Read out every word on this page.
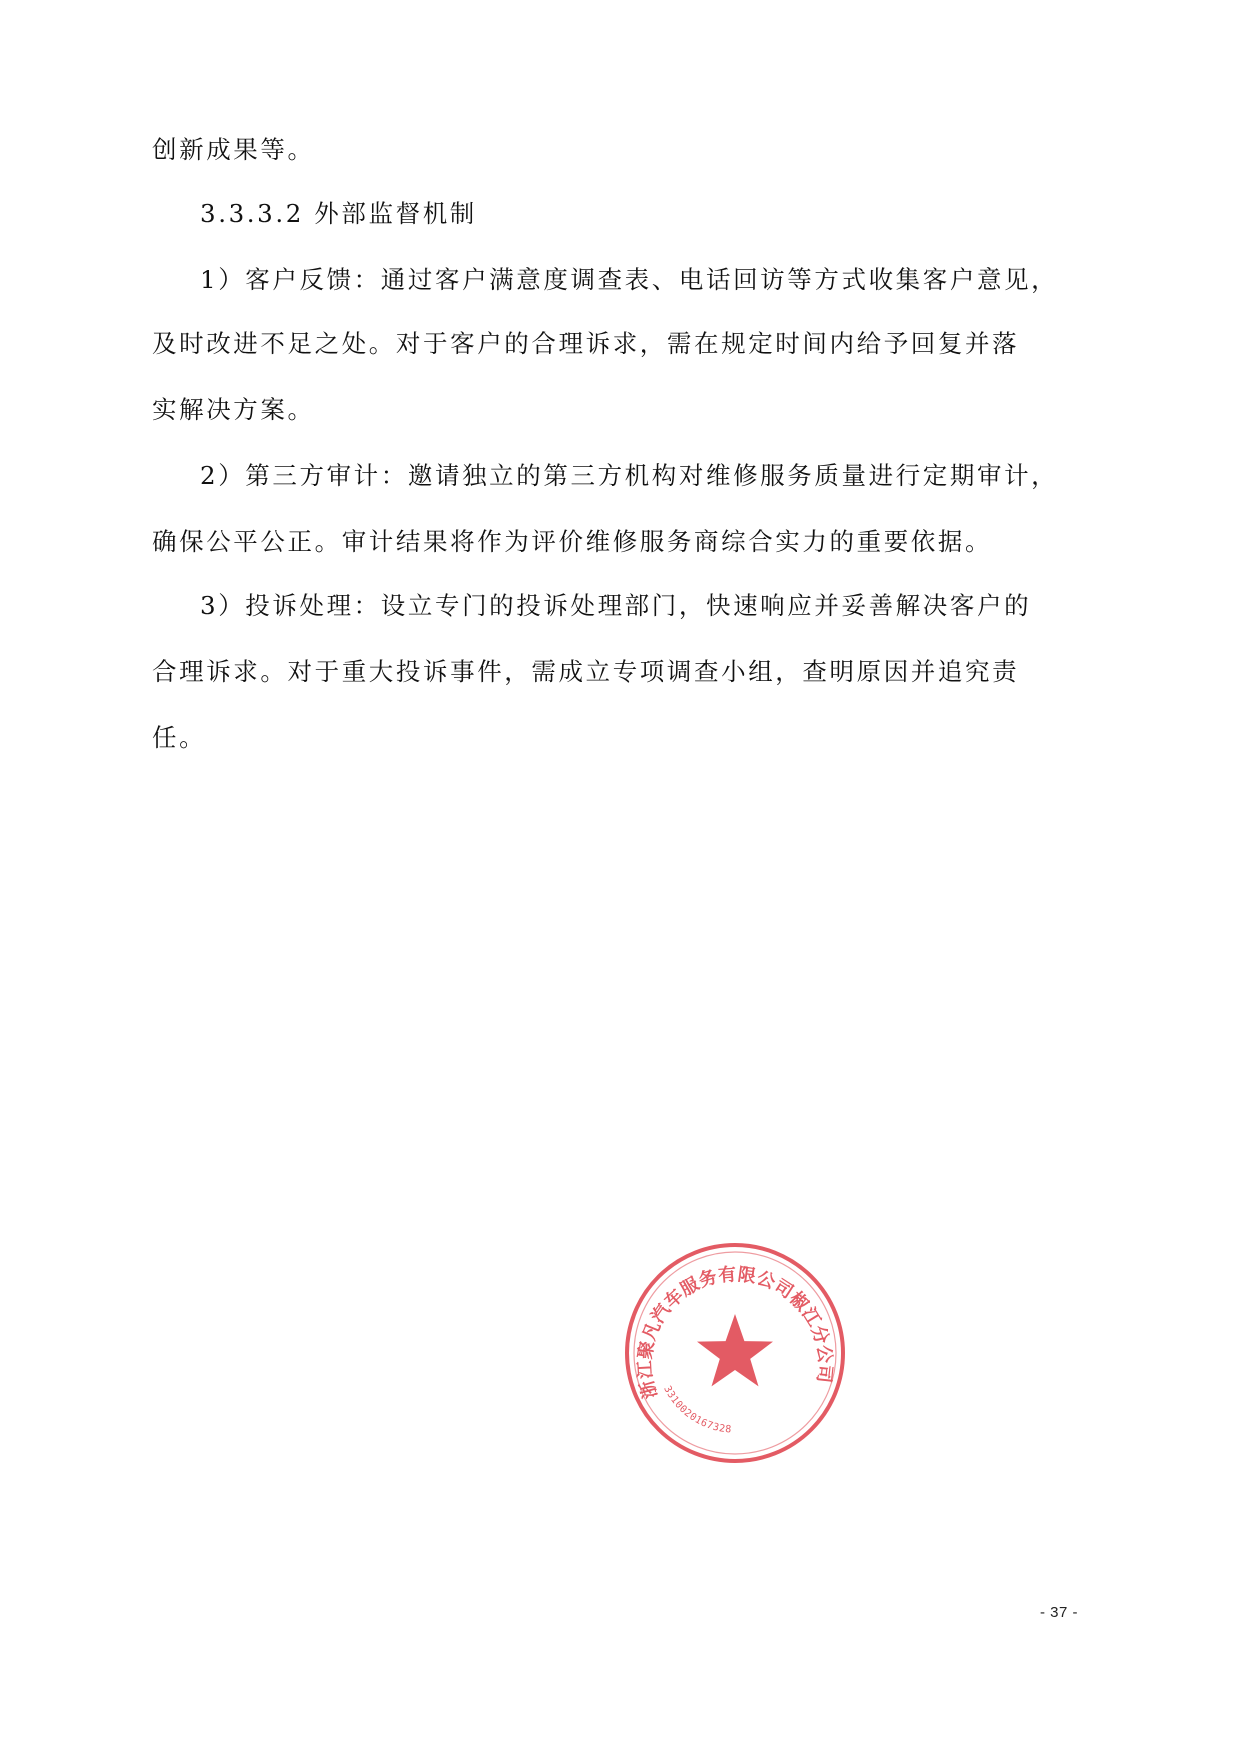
创新成果等。
3.3.3.2 外部监督机制
1）客户反馈：通过客户满意度调查表、电话回访等方式收集客户意见，
及时改进不足之处。对于客户的合理诉求，需在规定时间内给予回复并落
实解决方案。
2）第三方审计：邀请独立的第三方机构对维修服务质量进行定期审计，
确保公平公正。审计结果将作为评价维修服务商综合实力的重要依据。
3）投诉处理：设立专门的投诉处理部门，快速响应并妥善解决客户的
合理诉求。对于重大投诉事件，需成立专项调查小组，查明原因并追究责
任。
浙江聚凡汽车服务有限公司椒江分公司
3310020167328
- 37 -
